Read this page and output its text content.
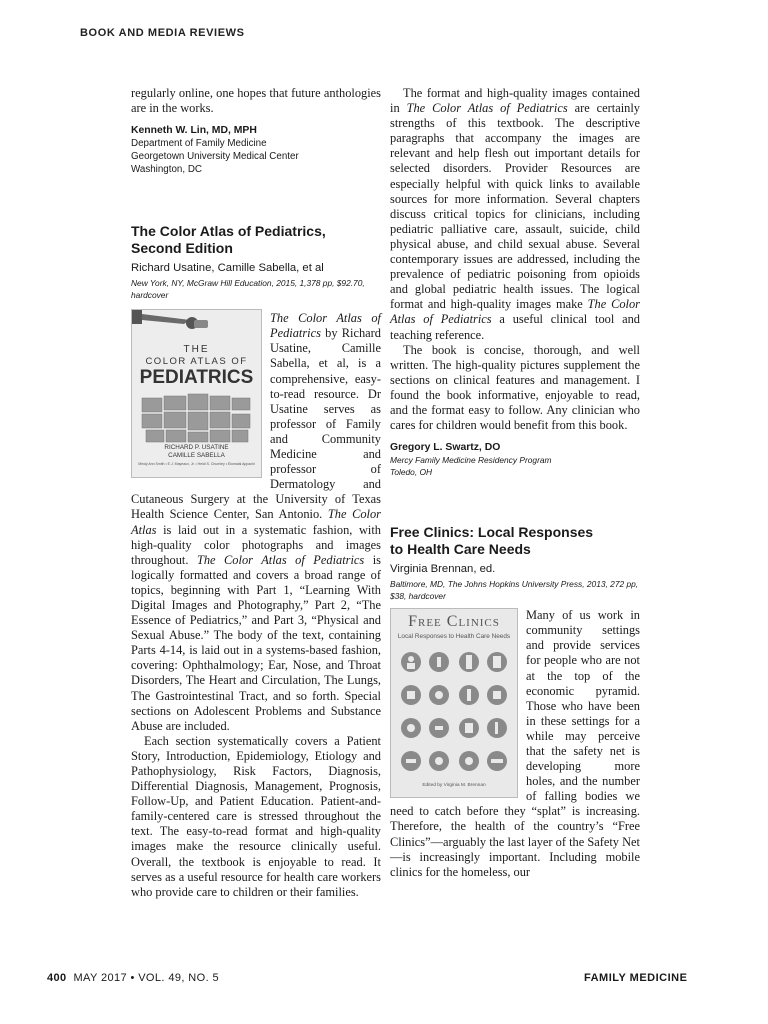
BOOK AND MEDIA REVIEWS

regularly online, one hopes that future anthologies are in the works.

Kenneth W. Lin, MD, MPH
Department of Family Medicine
Georgetown University Medical Center
Washington, DC
The Color Atlas of Pediatrics,
Second Edition
Richard Usatine, Camille Sabella, et al
New York, NY, McGraw Hill Education, 2015, 1,378 pp, $92.70, hardcover
THE
COLOR ATLAS OF
PEDIATRICS
RICHARD P. USATINE
CAMILLE SABELLA
Mindy Ann Smith • E.J. Mayeaux, Jr. • Heidi S. Chumley • Elumalai Appachi

The Color Atlas of Pediatrics by Richard Usatine, Camille Sabella, et al, is a comprehensive, easy-to-read resource. Dr Usatine serves as professor of Family and Community Medicine and professor of Dermatology and Cutaneous Surgery at the University of Texas Health Science Center, San Antonio. The Color Atlas is laid out in a systematic fashion, with high-quality color photographs and images throughout. The Color Atlas of Pediatrics is logically formatted and covers a broad range of topics, beginning with Part 1, “Learning With Digital Images and Photography,” Part 2, “The Essence of Pediatrics,” and Part 3, “Physical and Sexual Abuse.” The body of the text, containing Parts 4-14, is laid out in a systems-based fashion, covering: Ophthalmology; Ear, Nose, and Throat Disorders, The Heart and Circulation, The Lungs, The Gastrointestinal Tract, and so forth. Special sections on Adolescent Problems and Substance Abuse are included.

Each section systematically covers a Patient Story, Introduction, Epidemiology, Etiology and Pathophysiology, Risk Factors, Diagnosis, Differential Diagnosis, Management, Prognosis, Follow-Up, and Patient Education. Patient-and-family-centered care is stressed throughout the text. The easy-to-read format and high-quality images make the resource clinically useful. Overall, the textbook is enjoyable to read. It serves as a useful resource for health care workers who provide care to children or their families.

The format and high-quality images contained in The Color Atlas of Pediatrics are certainly strengths of this textbook. The descriptive paragraphs that accompany the images are relevant and help flesh out important details for selected disorders. Provider Resources are especially helpful with quick links to available sources for more information. Several chapters discuss critical topics for clinicians, including pediatric palliative care, assault, suicide, child physical abuse, and child sexual abuse. Several contemporary issues are addressed, including the prevalence of pediatric poisoning from opioids and global pediatric health issues. The logical format and high-quality images make The Color Atlas of Pediatrics a useful clinical tool and teaching reference.

The book is concise, thorough, and well written. The high-quality pictures supplement the sections on clinical features and management. I found the book informative, enjoyable to read, and the format easy to follow. Any clinician who cares for children would benefit from this book.

Gregory L. Swartz, DO
Mercy Family Medicine Residency Program
Toledo, OH
Free Clinics: Local Responses
to Health Care Needs
Virginia Brennan, ed.
Baltimore, MD, The Johns Hopkins University Press, 2013, 272 pp, $38, hardcover
Free Clinics
Local Responses to Health Care Needs
Edited by Virginia M. Brennan

Many of us work in community settings and provide services for people who are not at the top of the economic pyramid. Those who have been in these settings for a while may perceive that the safety net is developing more holes, and the number of falling bodies we need to catch before they “splat” is increasing. Therefore, the health of the country’s “Free Clinics”—arguably the last layer of the Safety Net—is increasingly important. Including mobile clinics for the homeless, our

400 MAY 2017 • VOL. 49, NO. 5	FAMILY MEDICINE
